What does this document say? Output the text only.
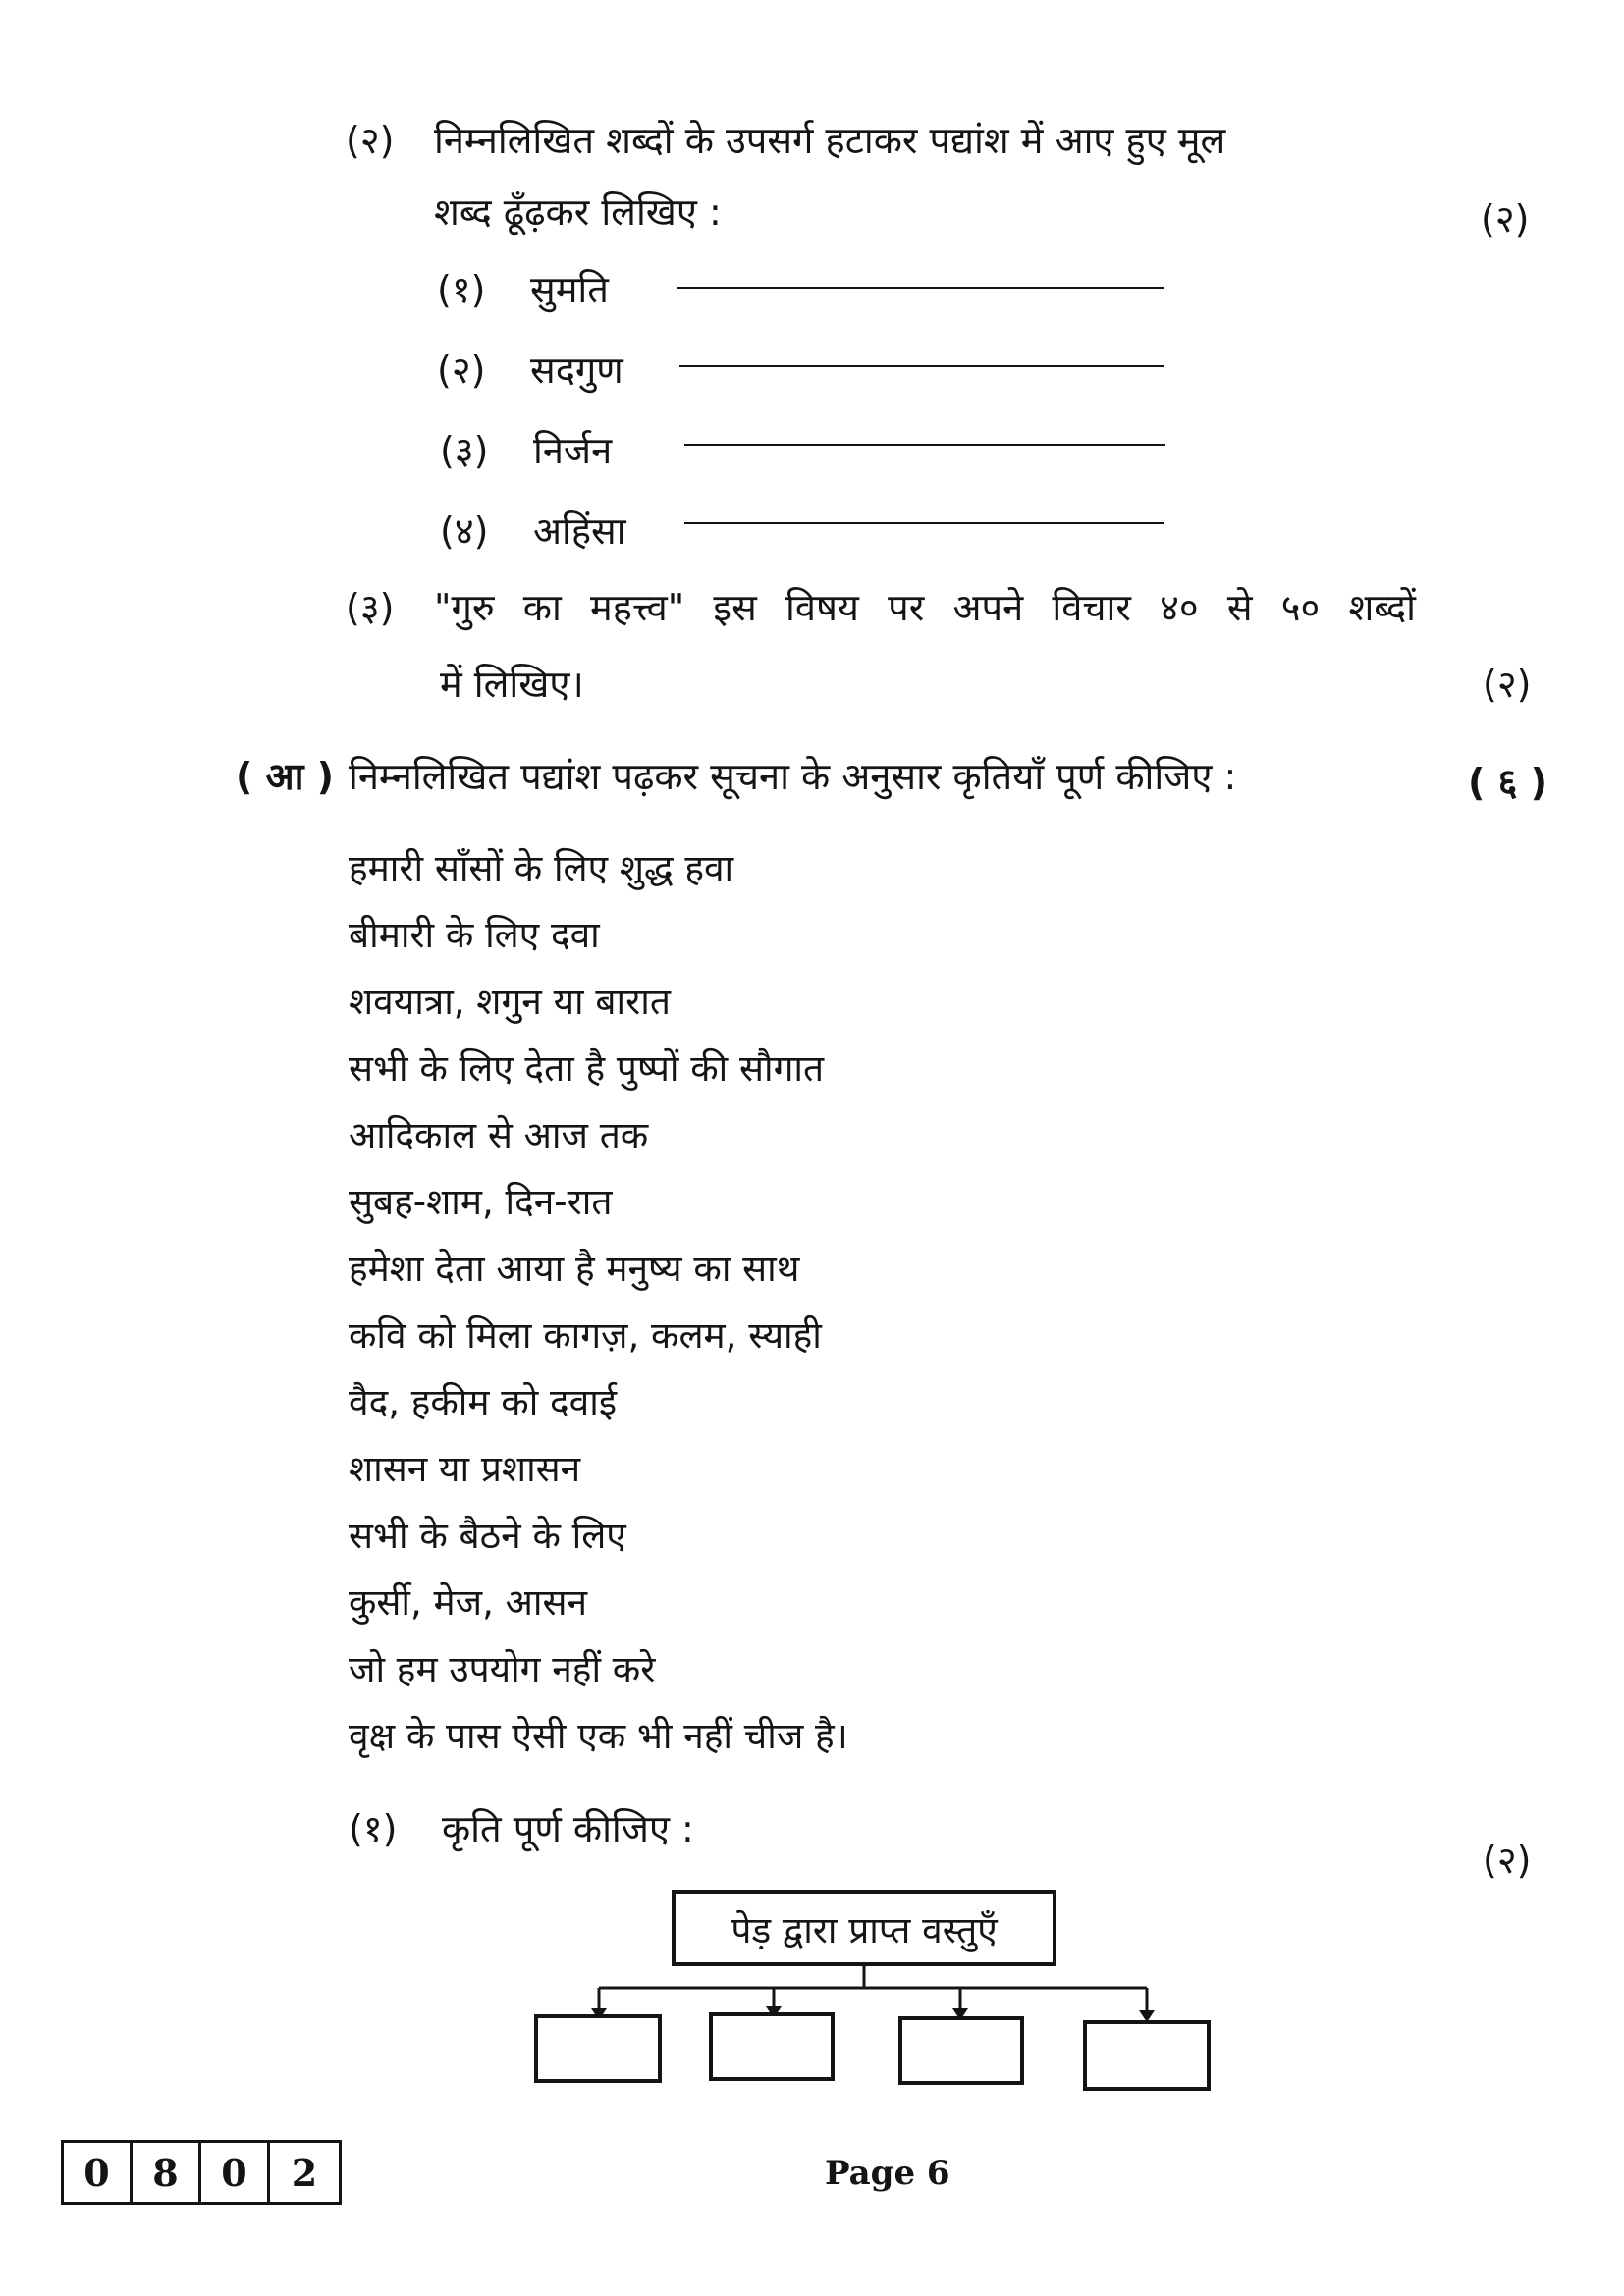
(२) निम्नलिखित शब्दों के उपसर्ग हटाकर पद्यांश में आए हुए मूल
शब्द ढूँढ़कर लिखिए :	(२)
(१) सुमति
(२) सदगुण
(३) निर्जन
(४) अहिंसा
(३) "गुरु का महत्त्व" इस विषय पर अपने विचार ४० से ५० शब्दों
में लिखिए।	(२)
( आ ) निम्नलिखित पद्यांश पढ़कर सूचना के अनुसार कृतियाँ पूर्ण कीजिए :	( ६ )
हमारी साँसों के लिए शुद्ध हवा
बीमारी के लिए दवा
शवयात्रा, शगुन या बारात
सभी के लिए देता है पुष्पों की सौगात
आदिकाल से आज तक
सुबह-शाम, दिन-रात
हमेशा देता आया है मनुष्य का साथ
कवि को मिला कागज़, कलम, स्याही
वैद, हकीम को दवाई
शासन या प्रशासन
सभी के बैठने के लिए
कुर्सी, मेज, आसन
जो हम उपयोग नहीं करे
वृक्ष के पास ऐसी एक भी नहीं चीज है।
(१) कृति पूर्ण कीजिए :
(२)
पेड़ द्वारा प्राप्त वस्तुएँ
0	8	0	2	Page 6
